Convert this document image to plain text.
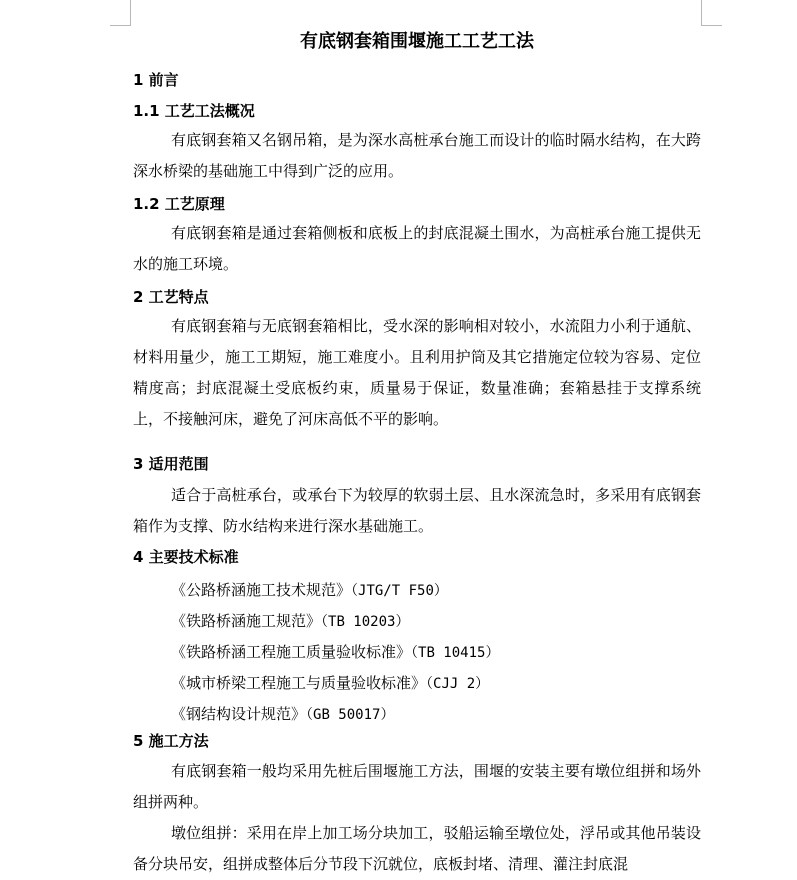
有底钢套箱围堰施工工艺工法
1 前言
1.1 工艺工法概况
有底钢套箱又名钢吊箱，是为深水高桩承台施工而设计的临时隔水结构，在大跨深水桥梁的基础施工中得到广泛的应用。
1.2 工艺原理
有底钢套箱是通过套箱侧板和底板上的封底混凝土围水，为高桩承台施工提供无水的施工环境。
2 工艺特点
有底钢套箱与无底钢套箱相比，受水深的影响相对较小，水流阻力小利于通航、材料用量少，施工工期短，施工难度小。且利用护筒及其它措施定位较为容易、定位精度高；封底混凝土受底板约束，质量易于保证，数量准确；套箱悬挂于支撑系统上，不接触河床，避免了河床高低不平的影响。
3 适用范围
适合于高桩承台，或承台下为较厚的软弱土层、且水深流急时，多采用有底钢套箱作为支撑、防水结构来进行深水基础施工。
4 主要技术标准
《公路桥涵施工技术规范》（JTG/T F50）
《铁路桥涵施工规范》（TB 10203）
《铁路桥涵工程施工质量验收标准》（TB 10415）
《城市桥梁工程施工与质量验收标准》（CJJ 2）
《钢结构设计规范》（GB 50017）
5 施工方法
有底钢套箱一般均采用先桩后围堰施工方法，围堰的安装主要有墩位组拼和场外组拼两种。
墩位组拼：采用在岸上加工场分块加工，驳船运输至墩位处，浮吊或其他吊装设备分块吊安，组拼成整体后分节段下沉就位，底板封堵、清理、灌注封底混
